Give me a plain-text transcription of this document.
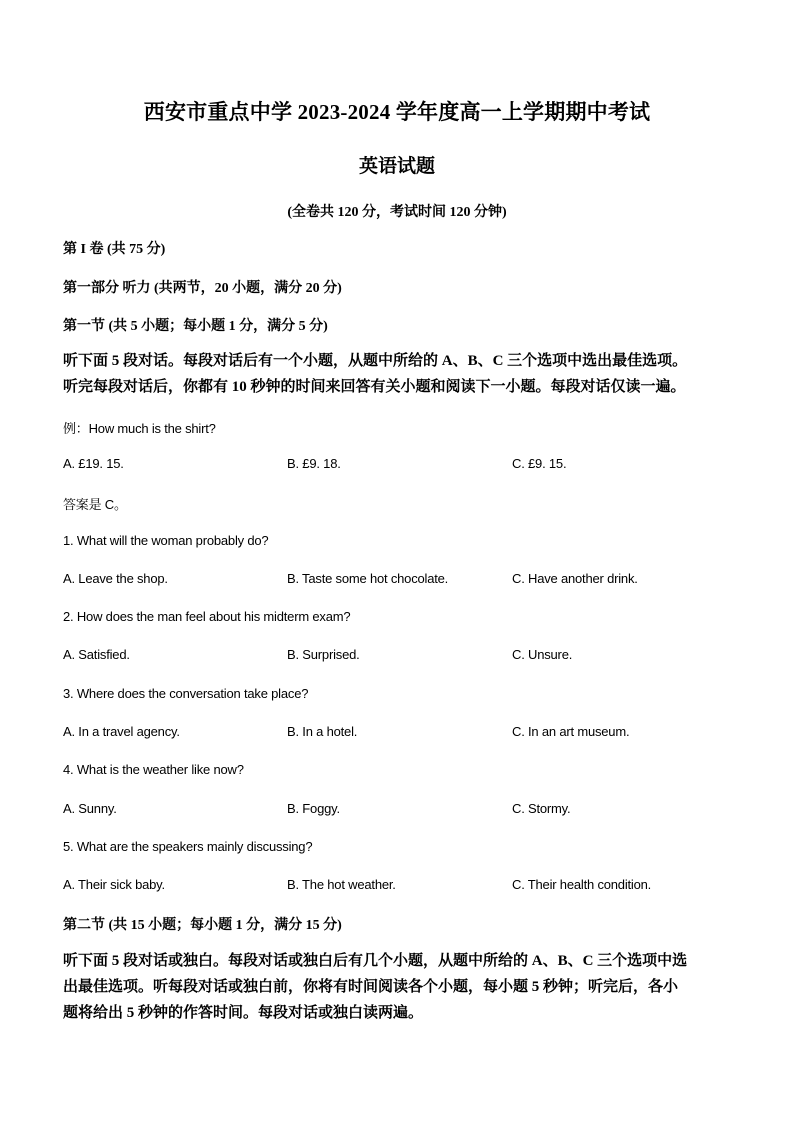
西安市重点中学 2023-2024 学年度高一上学期期中考试
英语试题
(全卷共 120 分，考试时间 120 分钟)
第 I 卷 (共 75 分)
第一部分 听力 (共两节，20 小题，满分 20 分)
第一节 (共 5 小题；每小题 1 分，满分 5 分)
听下面 5 段对话。每段对话后有一个小题，从题中所给的 A、B、C 三个选项中选出最佳选项。
听完每段对话后，你都有 10 秒钟的时间来回答有关小题和阅读下一小题。每段对话仅读一遍。
例：How much is the shirt?
A. £19. 15.	B. £9. 18.	C. £9. 15.
答案是 C。
1. What will the woman probably do?
A. Leave the shop.	B. Taste some hot chocolate.	C. Have another drink.
2. How does the man feel about his midterm exam?
A. Satisfied.	B. Surprised.	C. Unsure.
3. Where does the conversation take place?
A. In a travel agency.	B. In a hotel.	C. In an art museum.
4. What is the weather like now?
A. Sunny.	B. Foggy.	C. Stormy.
5. What are the speakers mainly discussing?
A. Their sick baby.	B. The hot weather.	C. Their health condition.
第二节 (共 15 小题；每小题 1 分，满分 15 分)
听下面 5 段对话或独白。每段对话或独白后有几个小题，从题中所给的 A、B、C 三个选项中选
出最佳选项。听每段对话或独白前，你将有时间阅读各个小题，每小题 5 秒钟；听完后，各小
题将给出 5 秒钟的作答时间。每段对话或独白读两遍。
